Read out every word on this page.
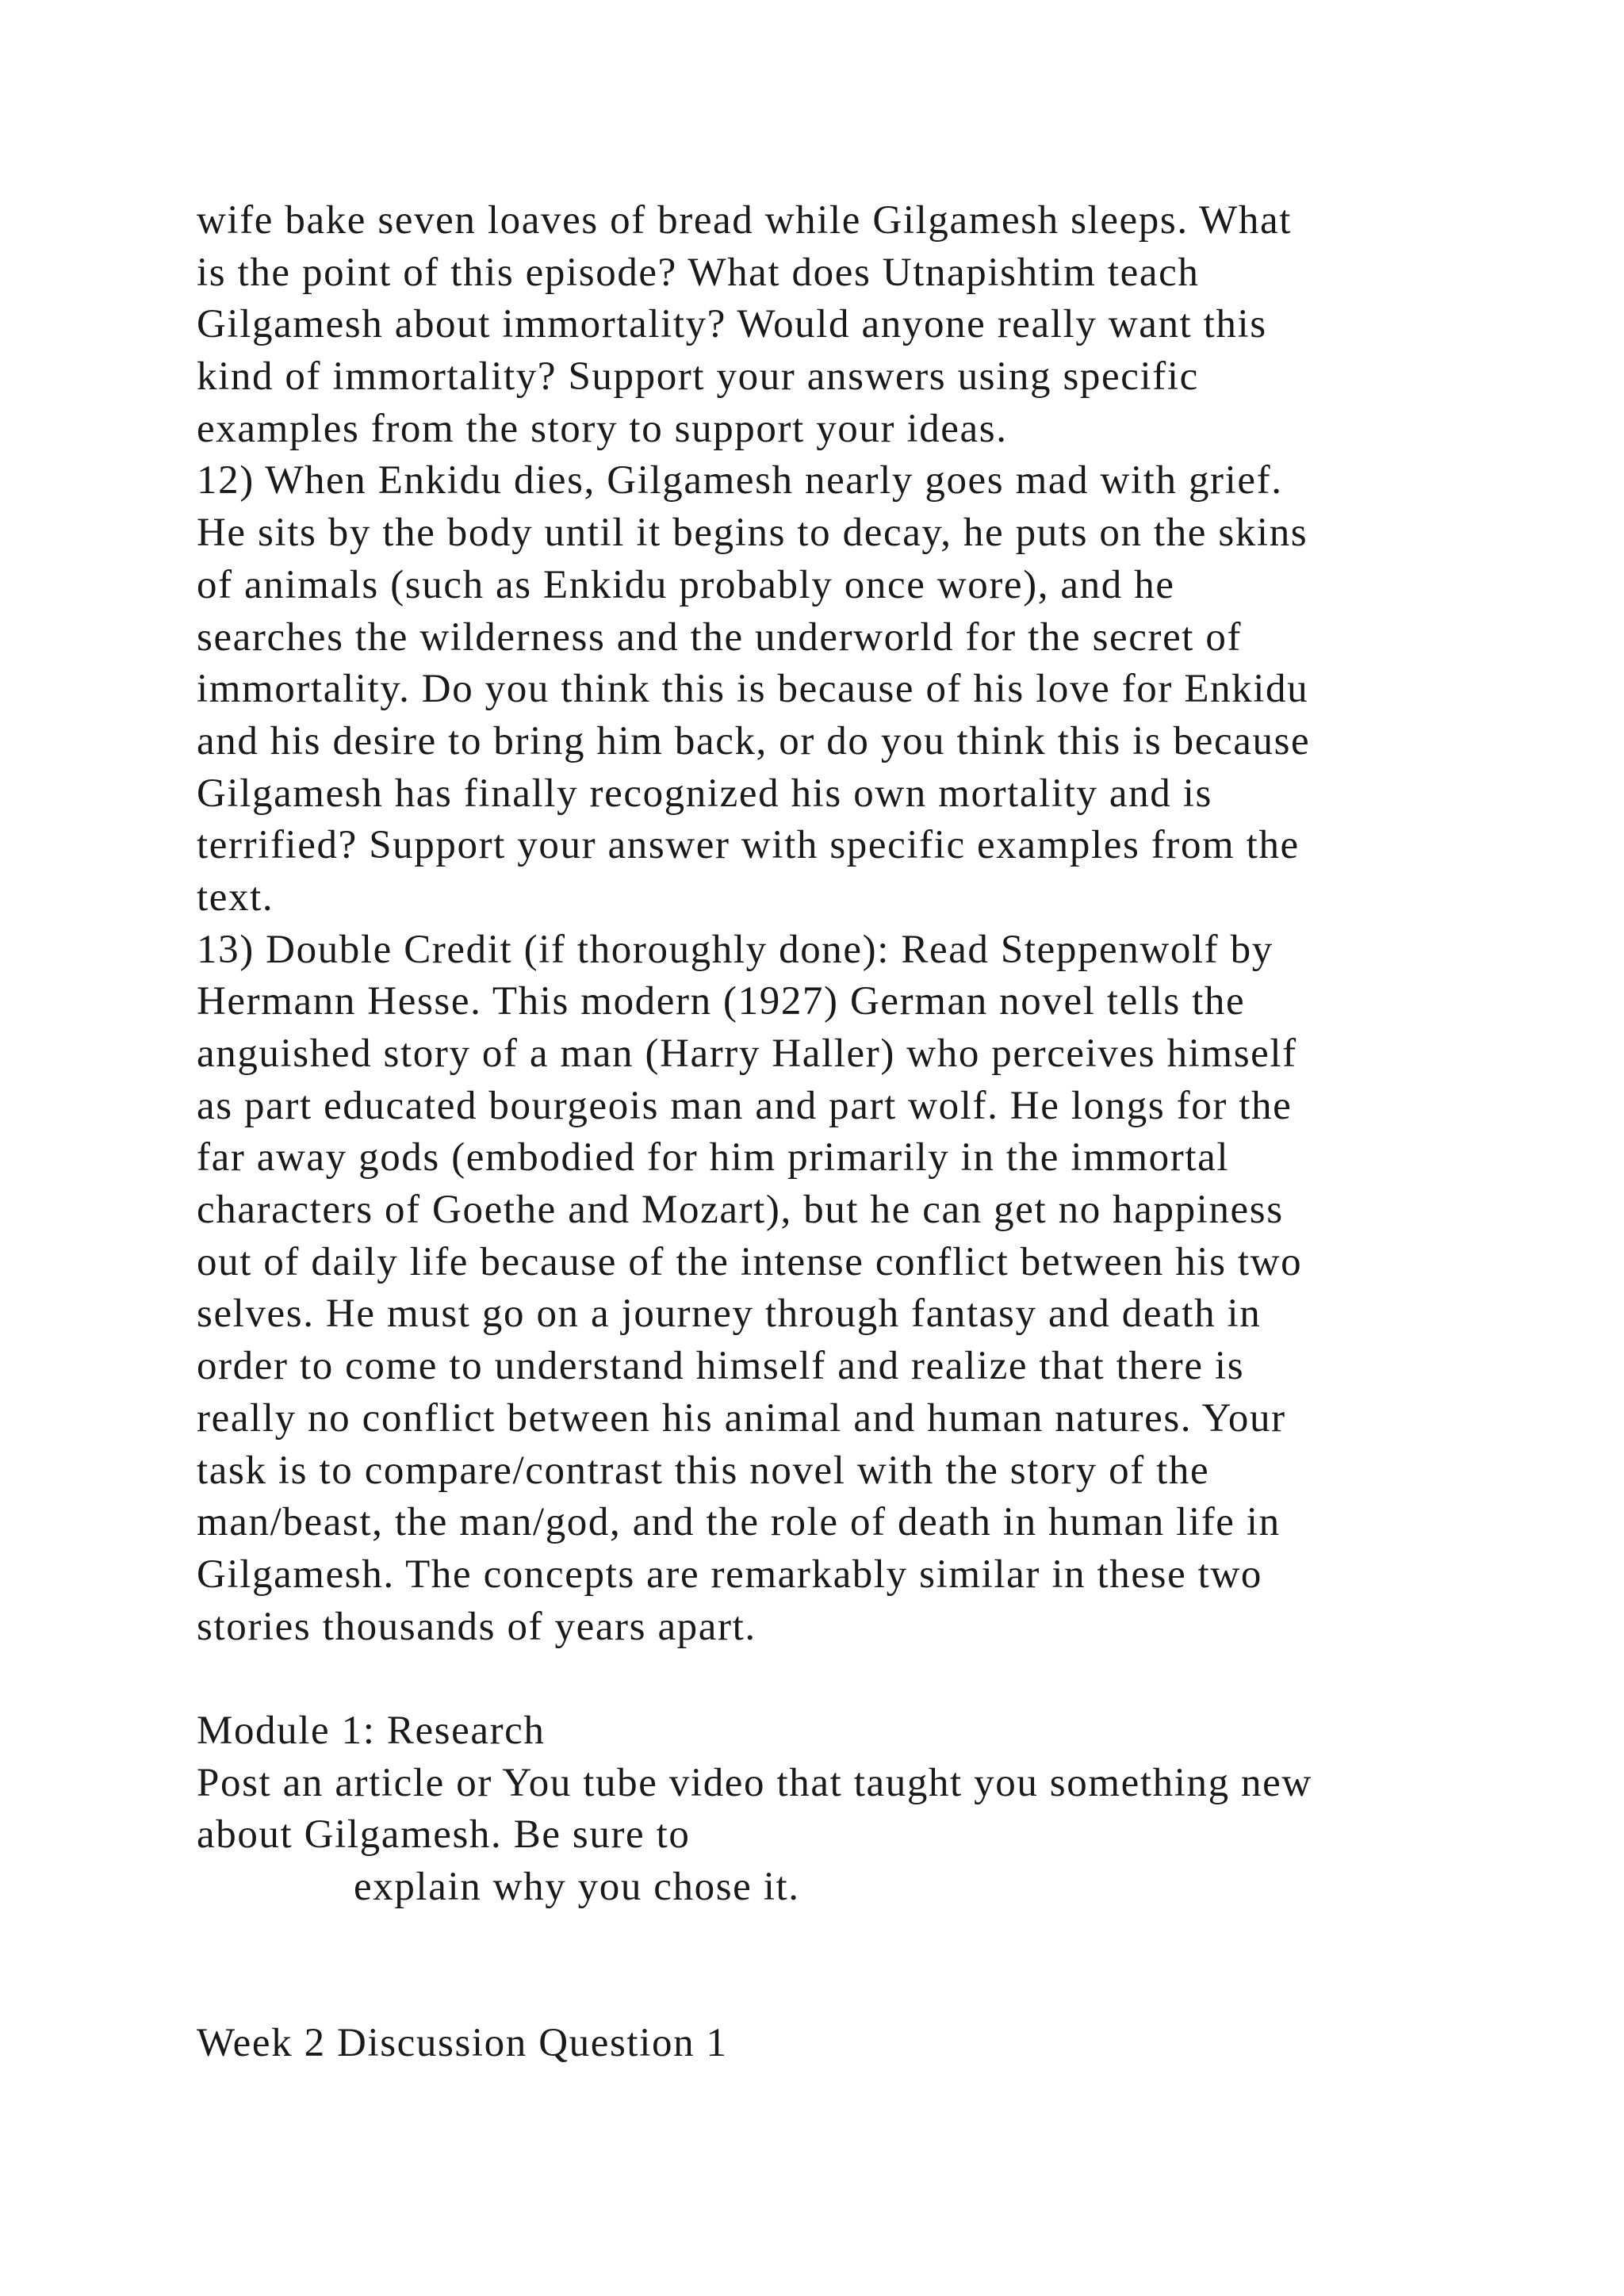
wife bake seven loaves of bread while Gilgamesh sleeps. What
is the point of this episode? What does Utnapishtim teach
Gilgamesh about immortality? Would anyone really want this
kind of immortality? Support your answers using specific
examples from the story to support your ideas.
12) When Enkidu dies, Gilgamesh nearly goes mad with grief.
He sits by the body until it begins to decay, he puts on the skins
of animals (such as Enkidu probably once wore), and he
searches the wilderness and the underworld for the secret of
immortality. Do you think this is because of his love for Enkidu
and his desire to bring him back, or do you think this is because
Gilgamesh has finally recognized his own mortality and is
terrified? Support your answer with specific examples from the
text.
13) Double Credit (if thoroughly done): Read Steppenwolf by
Hermann Hesse. This modern (1927) German novel tells the
anguished story of a man (Harry Haller) who perceives himself
as part educated bourgeois man and part wolf. He longs for the
far away gods (embodied for him primarily in the immortal
characters of Goethe and Mozart), but he can get no happiness
out of daily life because of the intense conflict between his two
selves. He must go on a journey through fantasy and death in
order to come to understand himself and realize that there is
really no conflict between his animal and human natures. Your
task is to compare/contrast this novel with the story of the
man/beast, the man/god, and the role of death in human life in
Gilgamesh. The concepts are remarkably similar in these two
stories thousands of years apart.
Module 1: Research
Post an article or You tube video that taught you something new
about Gilgamesh. Be sure to
explain why you chose it.
Week 2 Discussion Question 1
